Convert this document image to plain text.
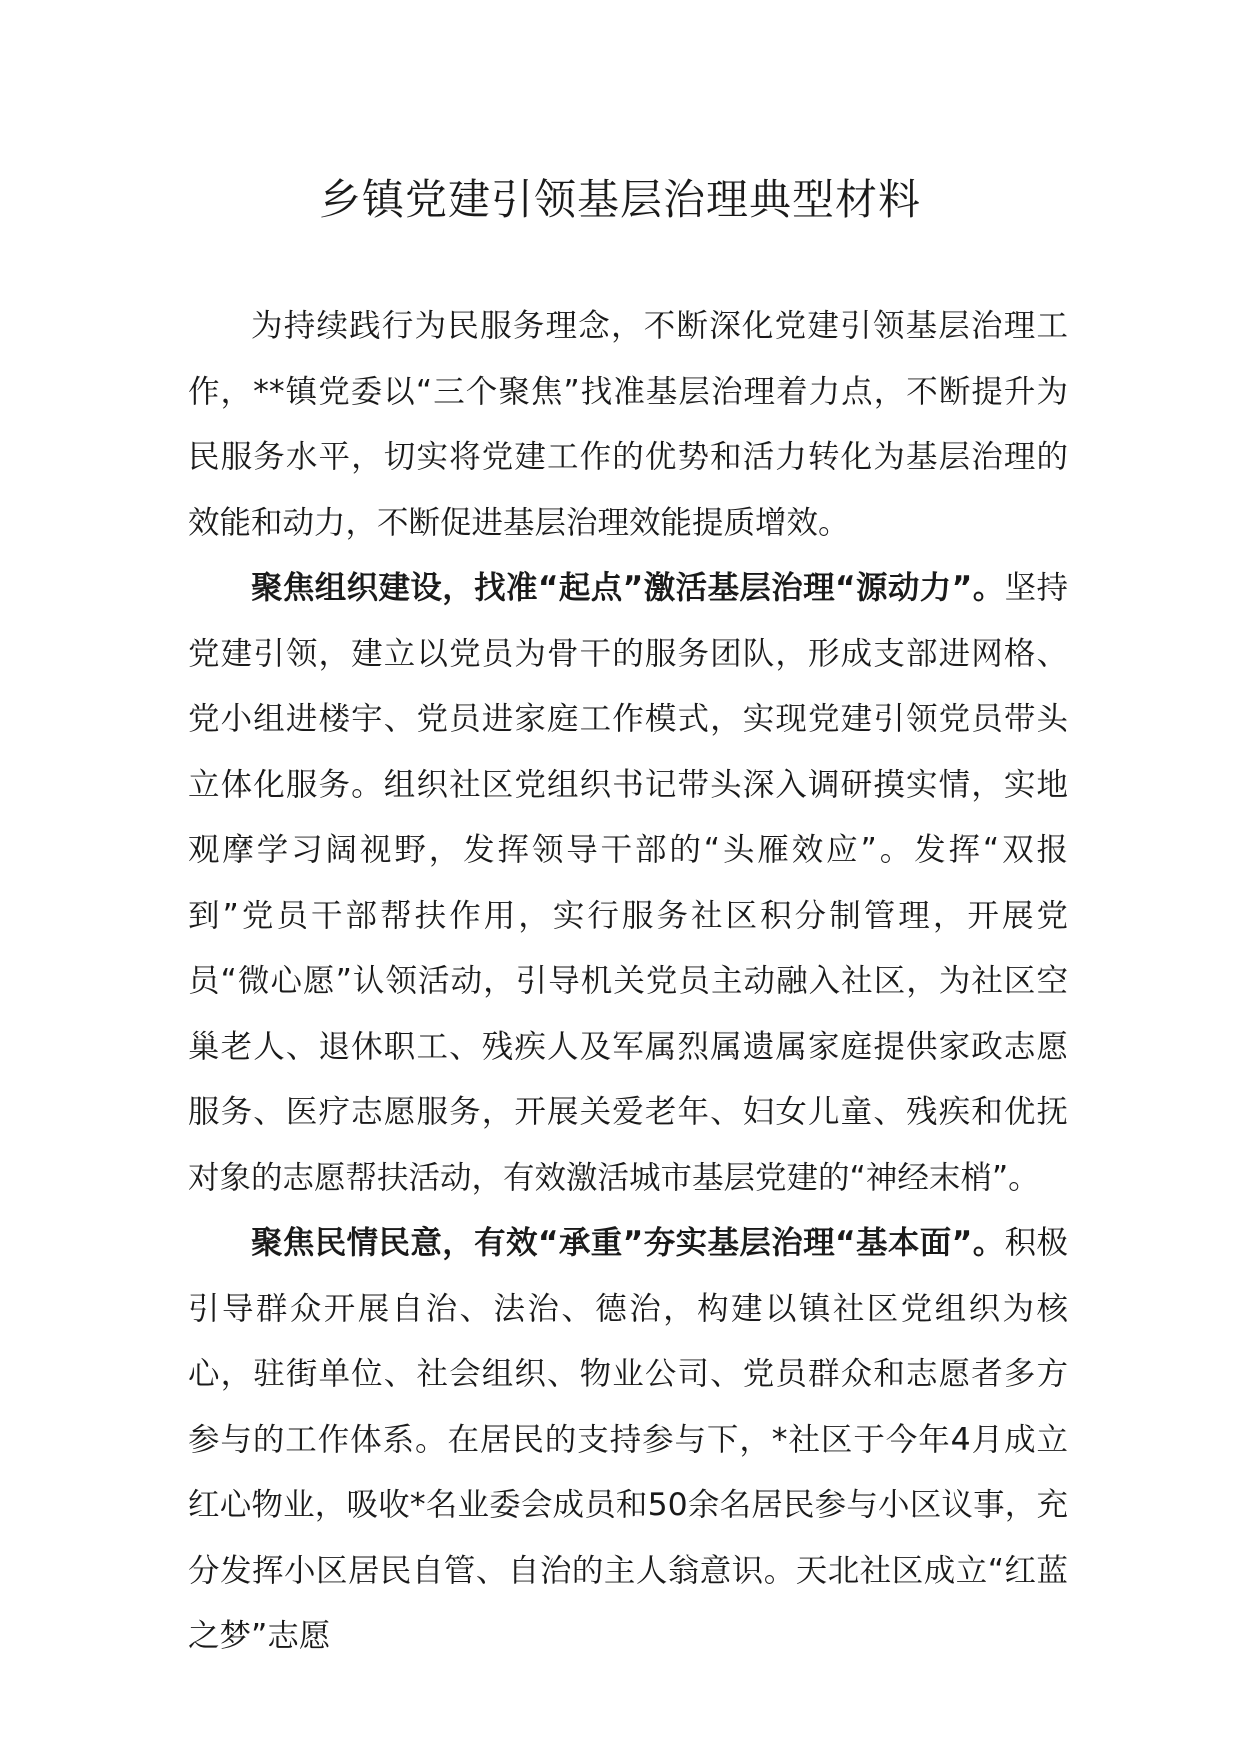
乡镇党建引领基层治理典型材料

为持续践行为民服务理念，不断深化党建引领基层治理工作，**镇党委以“三个聚焦”找准基层治理着力点，不断提升为民服务水平，切实将党建工作的优势和活力转化为基层治理的效能和动力，不断促进基层治理效能提质增效。

聚焦组织建设，找准“起点”激活基层治理“源动力”。坚持党建引领，建立以党员为骨干的服务团队，形成支部进网格、党小组进楼宇、党员进家庭工作模式，实现党建引领党员带头立体化服务。组织社区党组织书记带头深入调研摸实情，实地观摩学习阔视野，发挥领导干部的“头雁效应”。发挥“双报到”党员干部帮扶作用，实行服务社区积分制管理，开展党员“微心愿”认领活动，引导机关党员主动融入社区，为社区空巢老人、退休职工、残疾人及军属烈属遗属家庭提供家政志愿服务、医疗志愿服务，开展关爱老年、妇女儿童、残疾和优抚对象的志愿帮扶活动，有效激活城市基层党建的“神经末梢”。

聚焦民情民意，有效“承重”夯实基层治理“基本面”。积极引导群众开展自治、法治、德治，构建以镇社区党组织为核心，驻街单位、社会组织、物业公司、党员群众和志愿者多方参与的工作体系。在居民的支持参与下，*社区于今年4月成立红心物业，吸收*名业委会成员和50余名居民参与小区议事，充分发挥小区居民自管、自治的主人翁意识。天北社区成立“红蓝之梦”志愿
